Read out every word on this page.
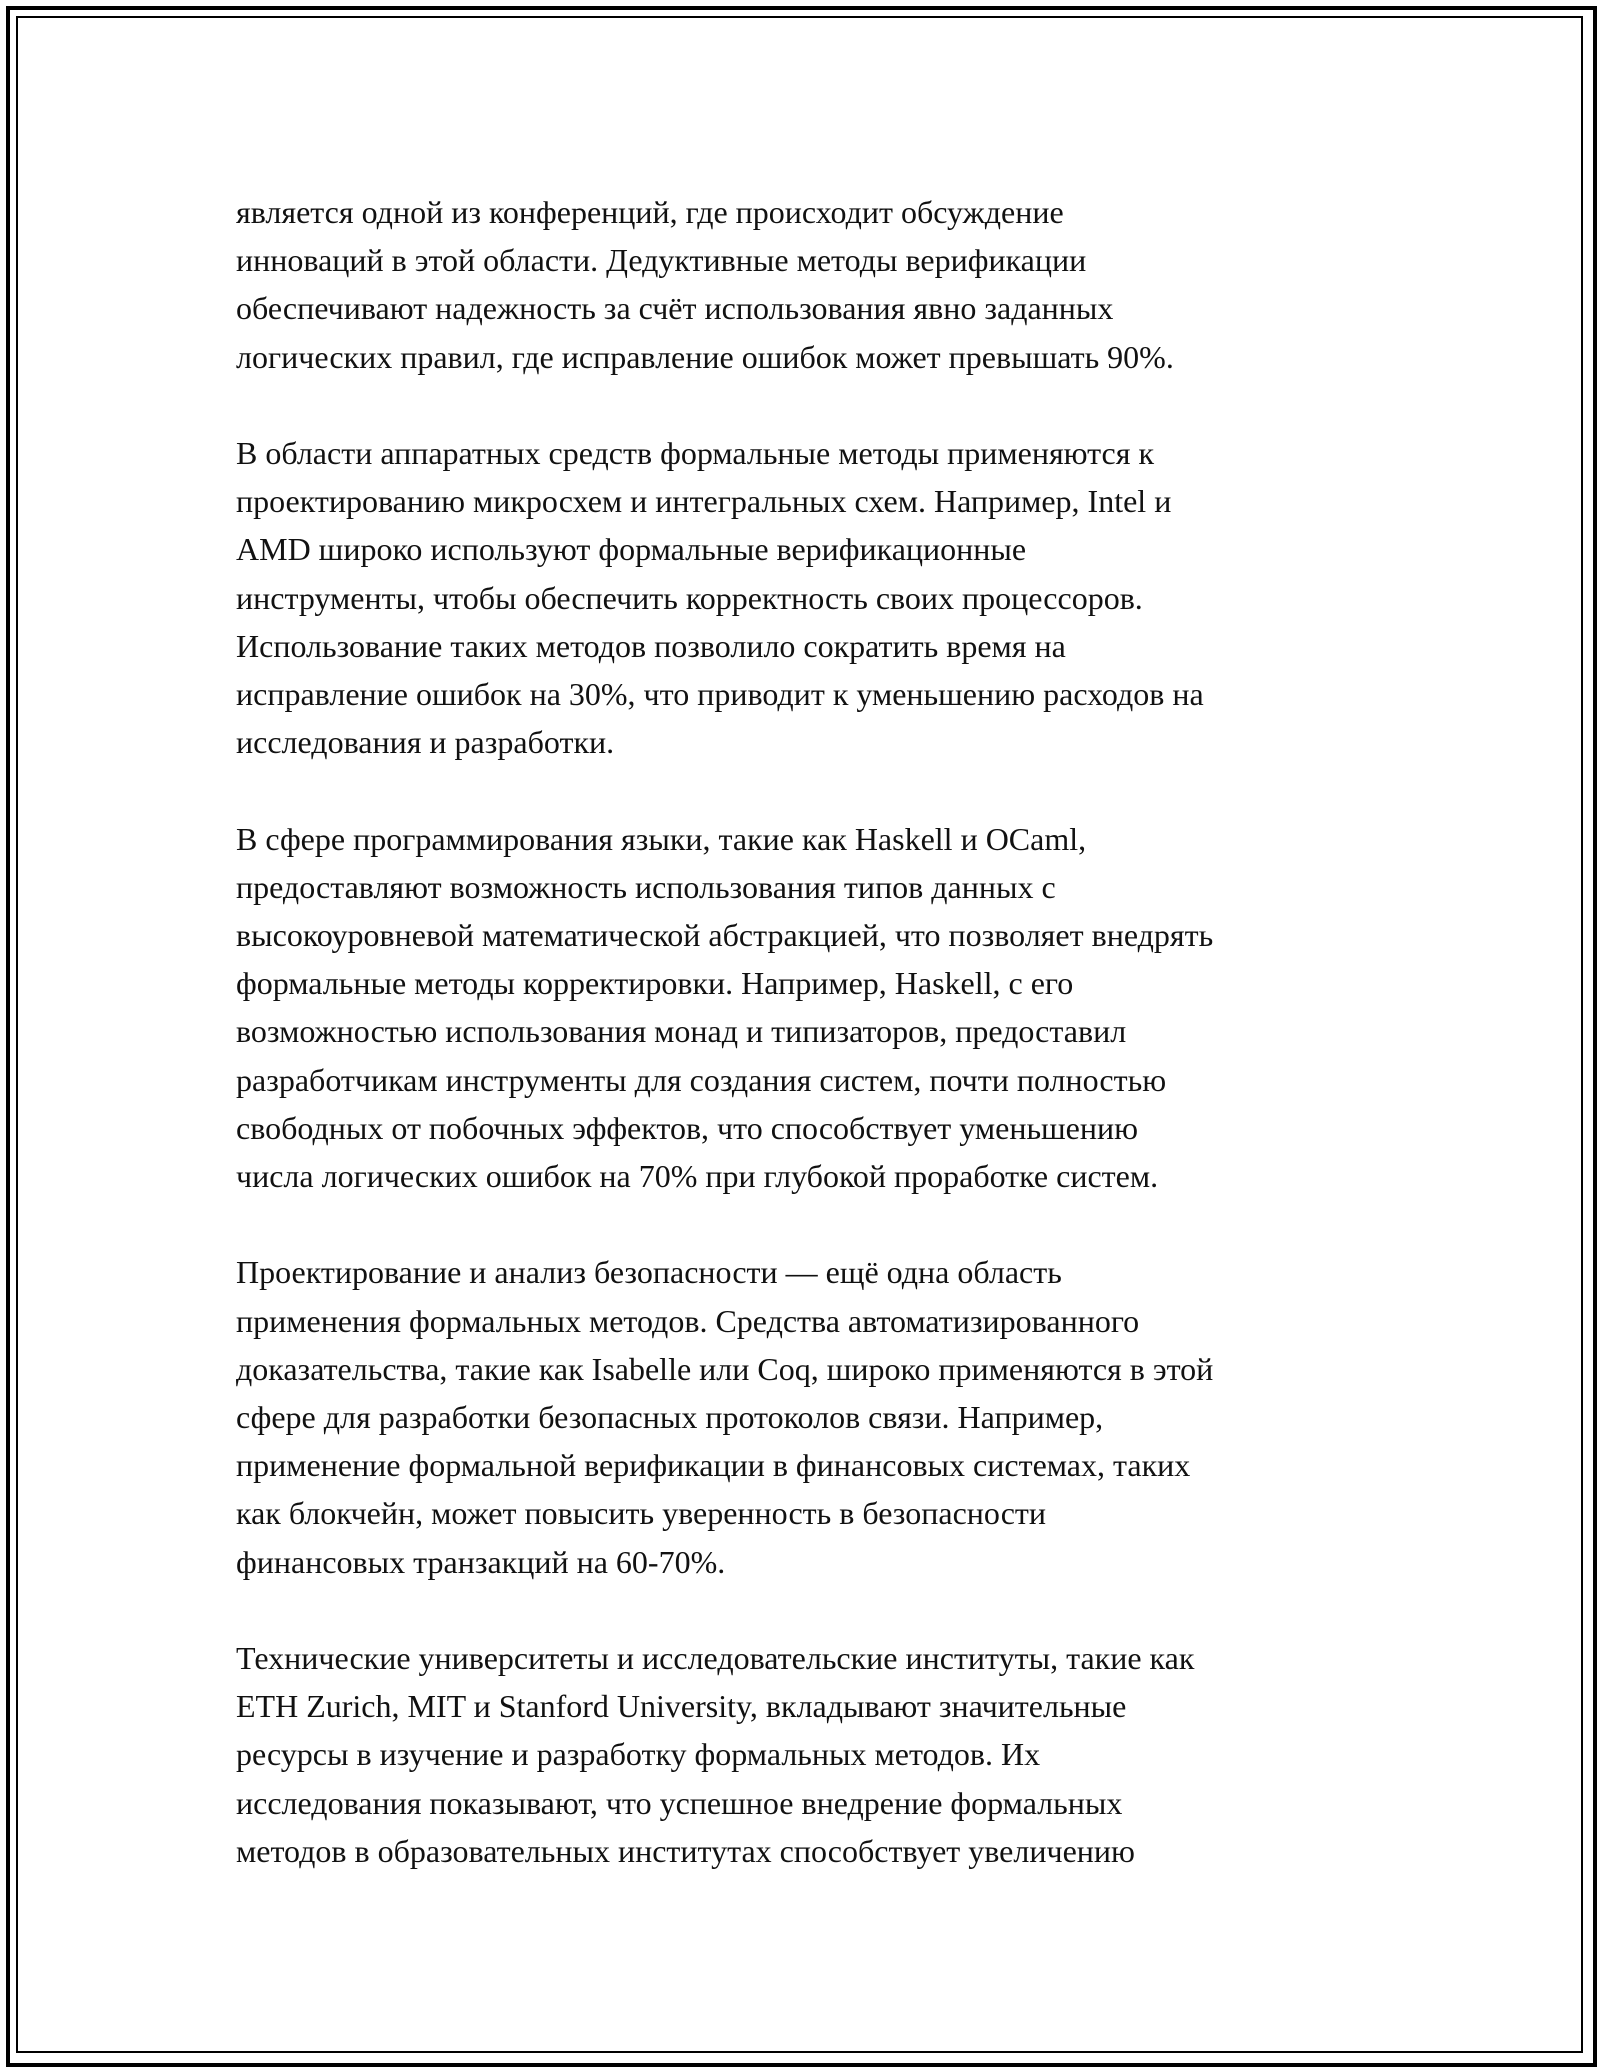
является одной из конференций, где происходит обсуждение
инноваций в этой области. Дедуктивные методы верификации
обеспечивают надежность за счёт использования явно заданных
логических правил, где исправление ошибок может превышать 90%.

В области аппаратных средств формальные методы применяются к
проектированию микросхем и интегральных схем. Например, Intel и
AMD широко используют формальные верификационные
инструменты, чтобы обеспечить корректность своих процессоров.
Использование таких методов позволило сократить время на
исправление ошибок на 30%, что приводит к уменьшению расходов на
исследования и разработки.

В сфере программирования языки, такие как Haskell и OCaml,
предоставляют возможность использования типов данных с
высокоуровневой математической абстракцией, что позволяет внедрять
формальные методы корректировки. Например, Haskell, с его
возможностью использования монад и типизаторов, предоставил
разработчикам инструменты для создания систем, почти полностью
свободных от побочных эффектов, что способствует уменьшению
числа логических ошибок на 70% при глубокой проработке систем.

Проектирование и анализ безопасности — ещё одна область
применения формальных методов. Средства автоматизированного
доказательства, такие как Isabelle или Coq, широко применяются в этой
сфере для разработки безопасных протоколов связи. Например,
применение формальной верификации в финансовых системах, таких
как блокчейн, может повысить уверенность в безопасности
финансовых транзакций на 60-70%.

Технические университеты и исследовательские институты, такие как
ETH Zurich, MIT и Stanford University, вкладывают значительные
ресурсы в изучение и разработку формальных методов. Их
исследования показывают, что успешное внедрение формальных
методов в образовательных институтах способствует увеличению
